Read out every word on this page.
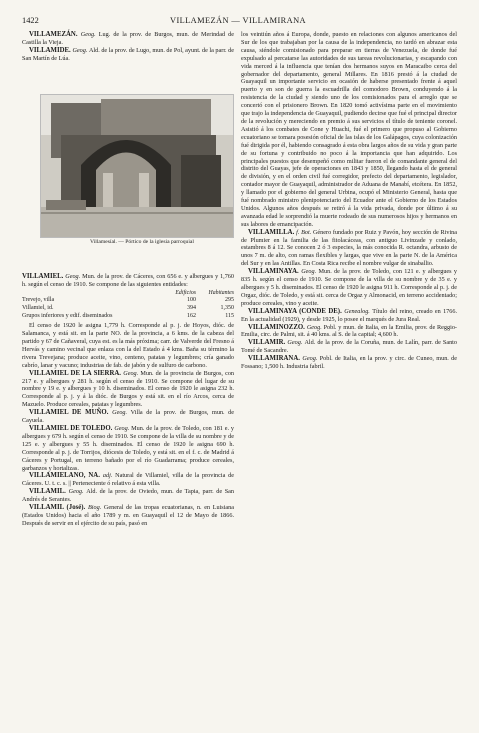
1422	VILLAMEZÁN — VILLAMIRANA

VILLAMEZÁN. Geog. Lug. de la prov. de Burgos, mun. de Merindad de Castilla la Vieja.

VILLAMIDE. Geog. Ald. de la prov. de Lugo, mun. de Pol, ayunt. de la parr. de San Martín de Lúa.

Villamesíal. — Pórtico de la iglesia parroquial

VILLAMIEL. Geog. Mun. de la prov. de Cáceres, con 656 e. y albergues y 1,760 h. según el censo de 1910. Se compone de las siguientes entidades:

	Edificios	Habitantes
Trevejo, villa	100	295
Villamiel, id.	394	1,350
Grupos inferiores y edif. diseminados	162	115

El censo de 1920 le asigna 1,779 h. Corresponde al p. j. de Hoyos, dióc. de Salamanca, y está sit. en la parte NO. de la provincia, a 6 kms. de la cabeza del partido y 67 de Cañaveral, cuya est. es la más próxima; carr. de Valverde del Fresno á Hervás y camino vecinal que enlaza con la del Estado á 4 kms. Baña su término la rivera Trevejana; produce aceite, vino, centeno, patatas y legumbres; cría ganado cabrío, lanar y vacuno; industrias de fab. de jabón y de sulfuro de carbono.

VILLAMIEL DE LA SIERRA. Geog. Mun. de la provincia de Burgos, con 217 e. y albergues y 281 h. según el censo de 1910. Se compone del lugar de su nombre y 19 e. y albergues y 10 h. diseminados. El censo de 1920 le asigna 232 h. Corresponde al p. j. y á la dióc. de Burgos y está sit. en el río Arcos, cerca de Mazuelo. Produce cereales, patatas y legumbres.

VILLAMIEL DE MUÑO. Geog. Villa de la prov. de Burgos, mun. de Cayuela.

VILLAMIEL DE TOLEDO. Geog. Mun. de la prov. de Toledo, con 181 e. y albergues y 679 h. según el censo de 1910. Se compone de la villa de su nombre y de 125 e. y albergues y 55 h. diseminados. El censo de 1920 le asigna 690 h. Corresponde al p. j. de Torrijos, diócesis de Toledo, y está sit. en el f. c. de Madrid á Cáceres y Portugal, en terreno bañado por el río Guadarrama; produce cereales, garbanzos y hortalizas.

VILLAMIELANO, NA. adj. Natural de Villamiel, villa de la provincia de Cáceres. U. t. c. s. || Perteneciente ó relativo á esta villa.

VILLAMIL. Geog. Ald. de la prov. de Oviedo, mun. de Tapia, parr. de San Andrés de Serantes.

VILLAMIL (José). Biog. General de las tropas ecuatorianas, n. en Luisiana (Estados Unidos) hacia el año 1789 y m. en Guayaquil el 12 de Mayo de 1866. Después de servir en el ejército de su país, pasó en

los veintiún años á Europa, donde, puesto en relaciones con algunos americanos del Sur de los que trabajaban por la causa de la independencia, no tardó en abrazar esta causa, siéndole comisionado para preparar en tierras de Venezuela, de donde fué expulsado al percatarse las autoridades de sus tareas revolucionarias, y escapando con vida merced á la influencia que tenían dos hermanos suyos en Maracaibo cerca del gobernador del departamento, general Millares. En 1816 prestó á la ciudad de Guayaquil un importante servicio en ocasión de haberse presentado frente á aquel puerto y en son de guerra la escuadrilla del comodoro Brown, conduyendo á la resistencia de la ciudad y siendo uno de los comisionados para el arreglo que se concertó con el prisionero Brown. En 1820 tomó activísima parte en el movimiento que trajo la independencia de Guayaquil, pudiendo decirse que fué el principal director de la revolución y mereciendo en premio á sus servicios el título de teniente coronel. Asistió á los combates de Cone y Huachi, fué el primero que propuso al Gobierno ecuatoriano se tomara posesión oficial de las islas de los Galápagos, cuya colonización fué dirigida por él, habiendo consagrado á esta obra largos años de su vida y gran parte de su fortuna y contribuido no poco á la importancia que han adquirido. Los principales puestos que desempeñó como militar fueron el de comandante general del distrito del Guayas, jefe de operaciones en 1843 y 1850, llegando hasta el de general de división, y en el orden civil fué corregidor, prefecto del departamento, legislador, contador mayor de Guayaquil, administrador de Aduana de Manabí, etcétera. En 1852, y llamado por el gobierno del general Urbina, ocupó el Ministerio General, hasta que fué nombrado ministro plenipotenciario del Ecuador ante el Gobierno de los Estados Unidos. Algunos años después se retiró á la vida privada, donde por último á su avanzada edad le sorprendió la muerte rodeado de sus numerosos hijos y hermanos en sus labores de emancipación.

VILLAMILLA. f. Bot. Género fundado por Ruiz y Pavón, hoy sección de Rivina de Plumier en la familia de las fitolacáceas, con antiguo Livinzade y conlado, estambres 8 á 12. Se conocen 2 ó 3 especies, la más conocida R. octandra, arbusto de unos 7 m. de alto, con ramas flexibles y largas, que vive en la parte N. de la América del Sur y en las Antillas. En Costa Rica recibe el nombre vulgar de sinaballio.

VILLAMINAYA. Geog. Mun. de la prov. de Toledo, con 121 e. y albergues y 835 h. según el censo de 1910. Se compone de la villa de su nombre y de 35 e. y albergues y 5 h. diseminados. El censo de 1920 le asigna 911 h. Corresponde al p. j. de Orgaz, dióc. de Toledo, y está sit. cerca de Orgaz y Almonacid, en terreno accidentado; produce cereales, vino y aceite.

VILLAMINAYA (CONDE DE). Genealog. Título del reino, creado en 1766. En la actualidad (1929), y desde 1925, lo posee el marqués de Jura Real.

VILLAMINOZZO. Geog. Pobl. y mun. de Italia, en la Emilia, prov. de Reggio-Emilia, circ. de Palmi, sit. á 40 kms. al S. de la capital; 4,600 h.

VILLAMIR. Geog. Ald. de la prov. de la Coruña, mun. de Lalín, parr. de Santo Tomé de Sacandre.

VILLAMIRANA. Geog. Pobl. de Italia, en la prov. y circ. de Cuneo, mun. de Fossano; 1,500 h. Industria fabril.
